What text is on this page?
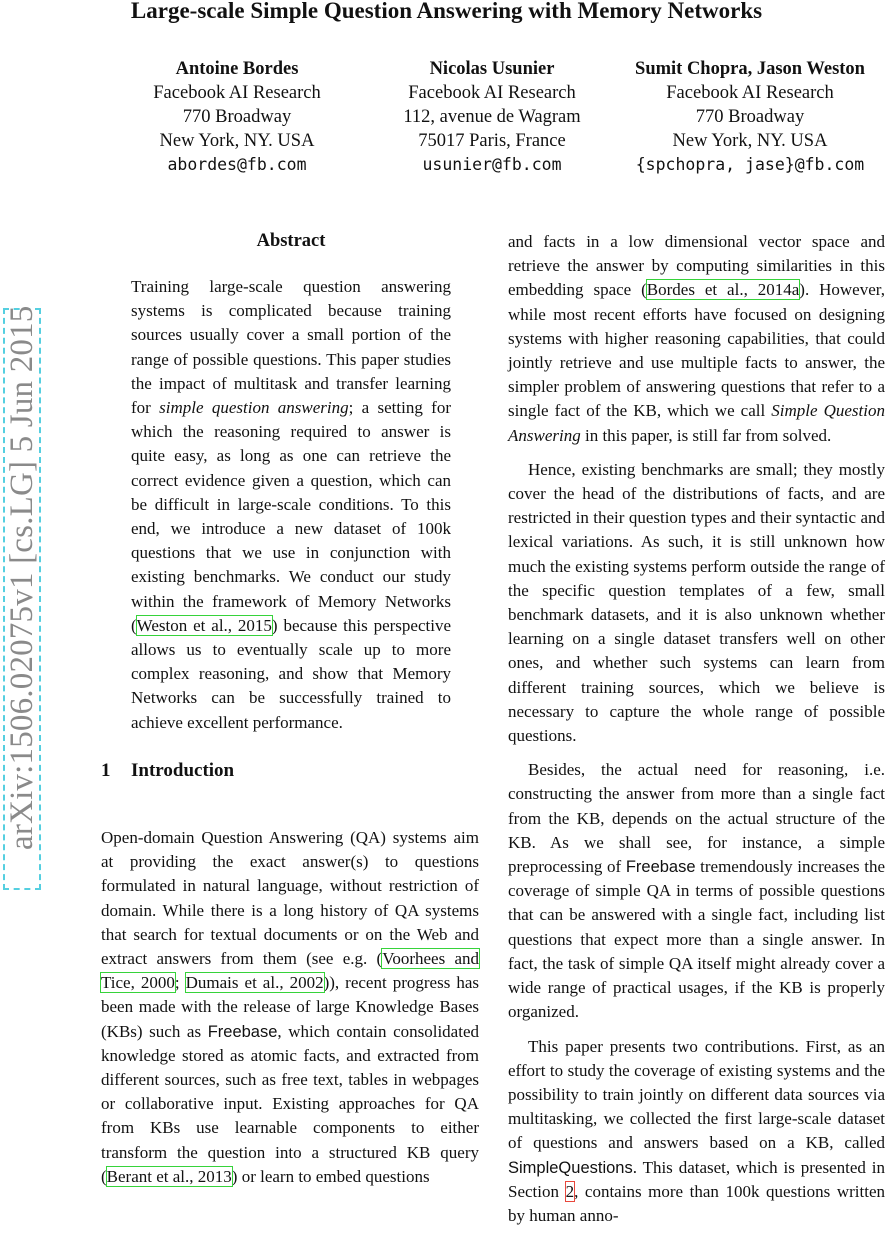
Large-scale Simple Question Answering with Memory Networks
Antoine Bordes
Facebook AI Research
770 Broadway
New York, NY. USA
abordes@fb.com
Nicolas Usunier
Facebook AI Research
112, avenue de Wagram
75017 Paris, France
usunier@fb.com
Sumit Chopra, Jason Weston
Facebook AI Research
770 Broadway
New York, NY. USA
{spchopra, jase}@fb.com
arXiv:1506.02075v1 [cs.LG] 5 Jun 2015
Abstract
Training large-scale question answering systems is complicated because training sources usually cover a small portion of the range of possible questions. This paper studies the impact of multitask and transfer learning for simple question answering; a setting for which the reasoning required to answer is quite easy, as long as one can retrieve the correct evidence given a question, which can be difficult in large-scale conditions. To this end, we introduce a new dataset of 100k questions that we use in conjunction with existing benchmarks. We conduct our study within the framework of Memory Networks (Weston et al., 2015) because this perspective allows us to eventually scale up to more complex reasoning, and show that Memory Networks can be successfully trained to achieve excellent performance.
1 Introduction
Open-domain Question Answering (QA) systems aim at providing the exact answer(s) to questions formulated in natural language, without restriction of domain. While there is a long history of QA systems that search for textual documents or on the Web and extract answers from them (see e.g. (Voorhees and Tice, 2000; Dumais et al., 2002)), recent progress has been made with the release of large Knowledge Bases (KBs) such as Freebase, which contain consolidated knowledge stored as atomic facts, and extracted from different sources, such as free text, tables in webpages or collaborative input. Existing approaches for QA from KBs use learnable components to either transform the question into a structured KB query (Berant et al., 2013) or learn to embed questions

and facts in a low dimensional vector space and retrieve the answer by computing similarities in this embedding space (Bordes et al., 2014a). However, while most recent efforts have focused on designing systems with higher reasoning capabilities, that could jointly retrieve and use multiple facts to answer, the simpler problem of answering questions that refer to a single fact of the KB, which we call Simple Question Answering in this paper, is still far from solved.

Hence, existing benchmarks are small; they mostly cover the head of the distributions of facts, and are restricted in their question types and their syntactic and lexical variations. As such, it is still unknown how much the existing systems perform outside the range of the specific question templates of a few, small benchmark datasets, and it is also unknown whether learning on a single dataset transfers well on other ones, and whether such systems can learn from different training sources, which we believe is necessary to capture the whole range of possible questions.

Besides, the actual need for reasoning, i.e. constructing the answer from more than a single fact from the KB, depends on the actual structure of the KB. As we shall see, for instance, a simple preprocessing of Freebase tremendously increases the coverage of simple QA in terms of possible questions that can be answered with a single fact, including list questions that expect more than a single answer. In fact, the task of simple QA itself might already cover a wide range of practical usages, if the KB is properly organized.

This paper presents two contributions. First, as an effort to study the coverage of existing systems and the possibility to train jointly on different data sources via multitasking, we collected the first large-scale dataset of questions and answers based on a KB, called SimpleQuestions. This dataset, which is presented in Section 2, contains more than 100k questions written by human anno-
